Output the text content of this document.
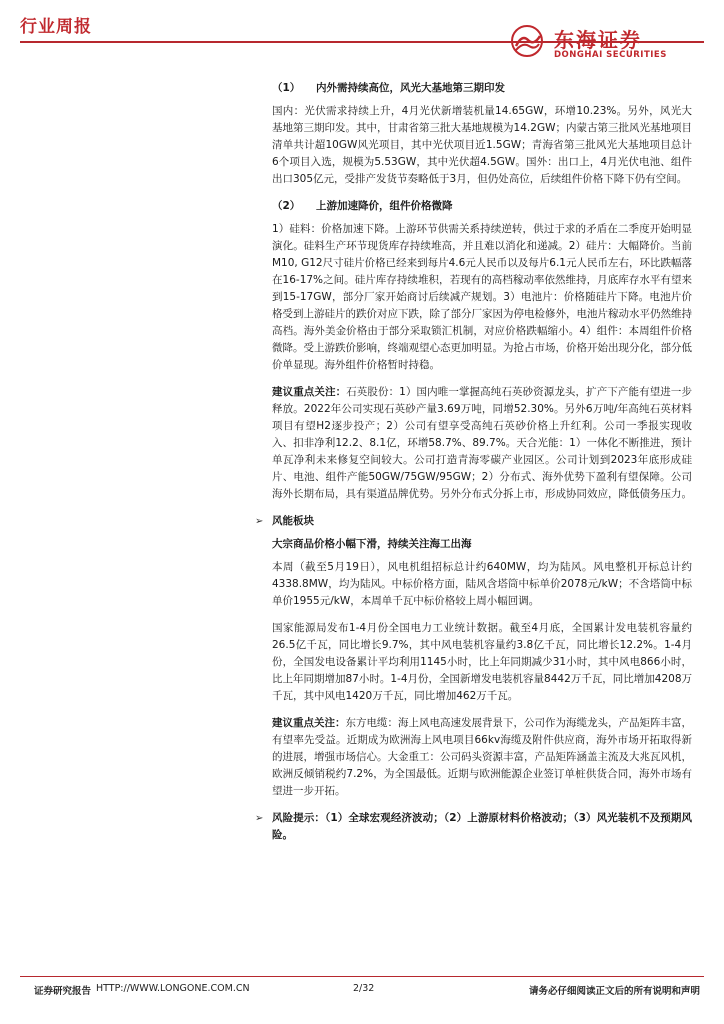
行业周报
东海证券
DONGHAI SECURITIES
（1） 内外需持续高位，风光大基地第三期印发

国内：光伏需求持续上升，4月光伏新增装机量14.65GW，环增10.23%。另外，风光大基地第三期印发。其中，甘肃省第三批大基地规模为14.2GW；内蒙古第三批风光基地项目清单共计超10GW风光项目，其中光伏项目近1.5GW；青海省第三批风光大基地项目总计6个项目入选，规模为5.53GW，其中光伏超4.5GW。国外：出口上，4月光伏电池、组件出口305亿元，受排产发货节奏略低于3月，但仍处高位，后续组件价格下降下仍有空间。

（2） 上游加速降价，组件价格微降

1）硅料：价格加速下降。上游环节供需关系持续逆转，供过于求的矛盾在二季度开始明显演化。硅料生产环节现货库存持续堆高，并且难以消化和递减。2）硅片：大幅降价。当前M10, G12尺寸硅片价格已经来到每片4.6元人民币以及每片6.1元人民币左右，环比跌幅落在16-17%之间。硅片库存持续堆积，若现有的高档稼动率依然维持，月底库存水平有望来到15-17GW，部分厂家开始商讨后续减产规划。3）电池片：价格随硅片下降。电池片价格受到上游硅片的跌价对应下跌，除了部分厂家因为停电检修外，电池片稼动水平仍然维持高档。海外美金价格由于部分采取锁汇机制，对应价格跌幅缩小。4）组件：本周组件价格微降。受上游跌价影响，终端观望心态更加明显。为抢占市场，价格开始出现分化，部分低价单显现。海外组件价格暂时持稳。

建议重点关注：石英股份：1）国内唯一掌握高纯石英砂资源龙头，扩产下产能有望进一步释放。2022年公司实现石英砂产量3.69万吨，同增52.30%。另外6万吨/年高纯石英材料项目有望H2逐步投产；2）公司有望享受高纯石英砂价格上升红利。公司一季报实现收入、扣非净利12.2、8.1亿，环增58.7%、89.7%。天合光能：1）一体化不断推进，预计单瓦净利未来修复空间较大。公司打造青海零碳产业园区。公司计划到2023年底形成硅片、电池、组件产能50GW/75GW/95GW；2）分布式、海外优势下盈利有望保障。公司海外长期布局，具有渠道品牌优势。另外分布式分拆上市，形成协同效应，降低债务压力。

➢ 风能板块
大宗商品价格小幅下滑，持续关注海工出海

本周（截至5月19日），风电机组招标总计约640MW，均为陆风。风电整机开标总计约4338.8MW，均为陆风。中标价格方面，陆风含塔筒中标单价2078元/kW；不含塔筒中标单价1955元/kW，本周单千瓦中标价格较上周小幅回调。

国家能源局发布1-4月份全国电力工业统计数据。截至4月底，全国累计发电装机容量约26.5亿千瓦，同比增长9.7%，其中风电装机容量约3.8亿千瓦，同比增长12.2%。1-4月份，全国发电设备累计平均利用1145小时，比上年同期减少31小时，其中风电866小时，比上年同期增加87小时。1-4月份，全国新增发电装机容量8442万千瓦，同比增加4208万千瓦，其中风电1420万千瓦，同比增加462万千瓦。

建议重点关注：东方电缆：海上风电高速发展背景下，公司作为海缆龙头，产品矩阵丰富，有望率先受益。近期成为欧洲海上风电项目66kv海缆及附件供应商，海外市场开拓取得新的进展，增强市场信心。大金重工：公司码头资源丰富，产品矩阵涵盖主流及大兆瓦风机，欧洲反倾销税约7.2%，为全国最低。近期与欧洲能源企业签订单桩供货合同，海外市场有望进一步开拓。

➢ 风险提示：（1）全球宏观经济波动；（2）上游原材料价格波动；（3）风光装机不及预期风险。

证券研究报告 HTTP://WWW.LONGONE.COM.CN	2/32	请务必仔细阅读正文后的所有说明和声明
